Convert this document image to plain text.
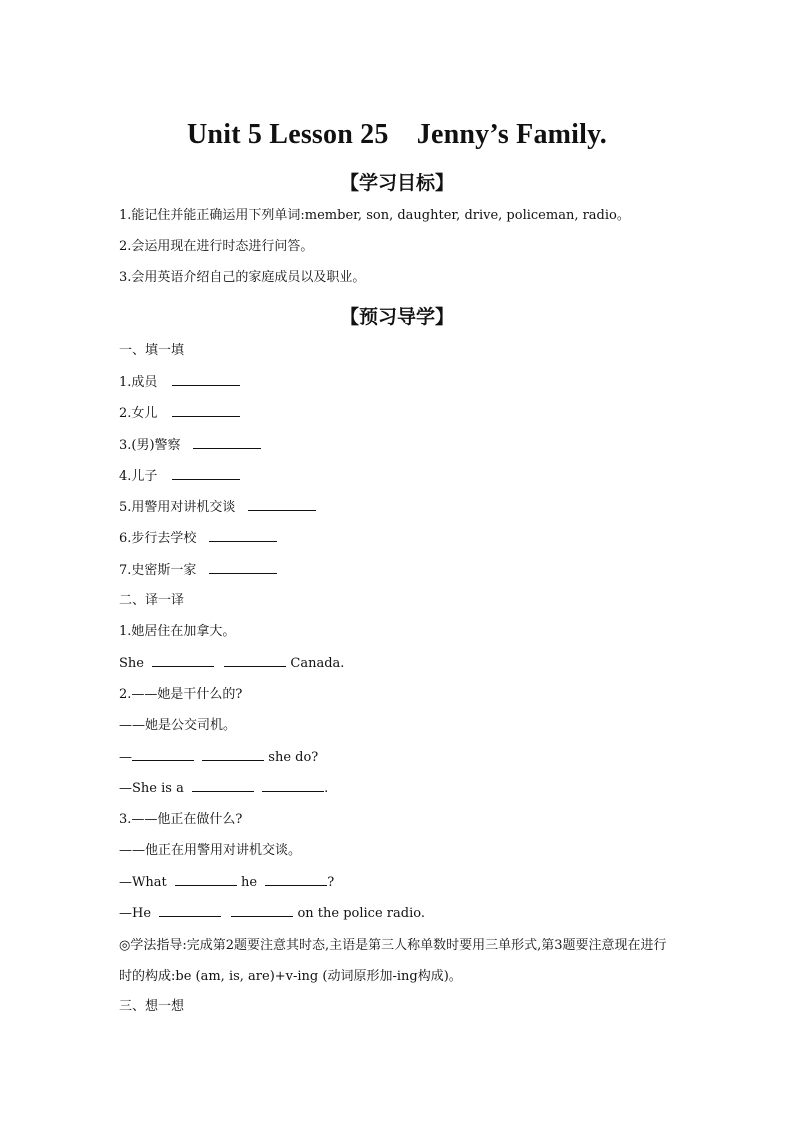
Unit 5 Lesson 25　Jenny’s Family.
【学习目标】
1.能记住并能正确运用下列单词:member, son, daughter, drive, policeman, radio。
2.会运用现在进行时态进行问答。
3.会用英语介绍自己的家庭成员以及职业。
【预习导学】
一、填一填
1.成员
2.女儿
3.(男)警察
4.儿子
5.用警用对讲机交谈
6.步行去学校
7.史密斯一家
二、译一译
1.她居住在加拿大。
She	Canada.
2.——她是干什么的?
——她是公交司机。
—	she do?
—She is a	.
3.——他正在做什么?
——他正在用警用对讲机交谈。
—What	he	?
—He	on the police radio.
◎学法指导:完成第2题要注意其时态,主语是第三人称单数时要用三单形式,第3题要注意现在进行时的构成:be (am, is, are)+v-ing (动词原形加-ing构成)。
三、想一想
